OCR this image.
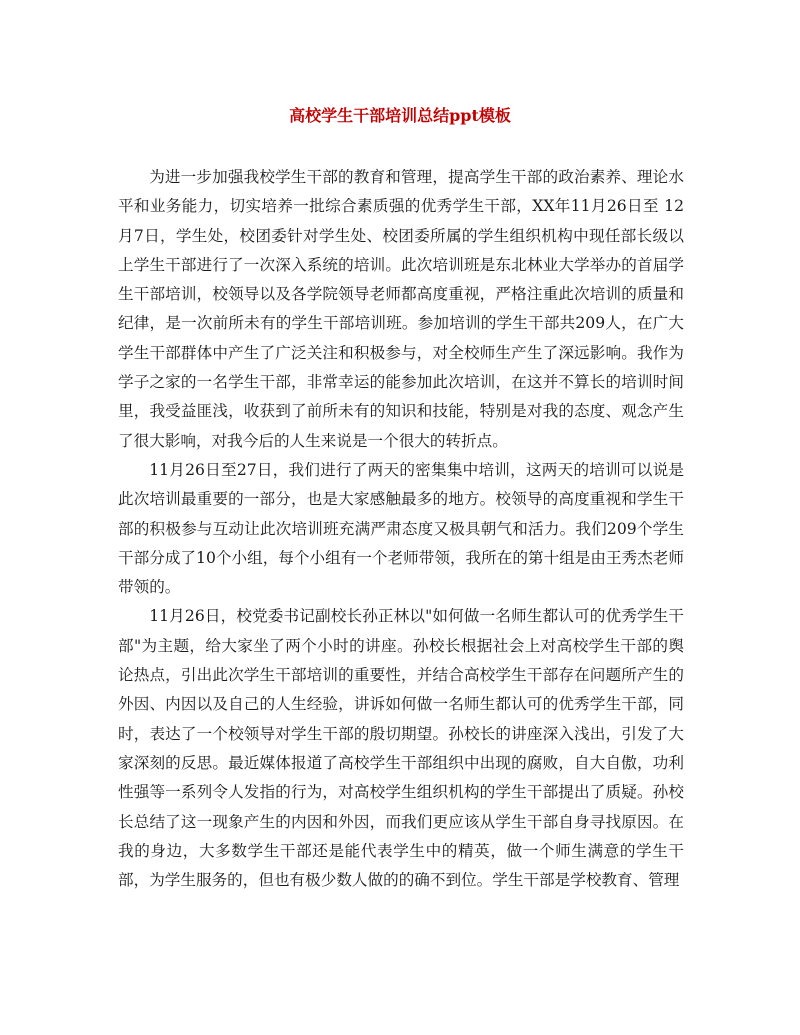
高校学生干部培训总结ppt模板

为进一步加强我校学生干部的教育和管理，提高学生干部的政治素养、理论水平和业务能力，切实培养一批综合素质强的优秀学生干部，XX年11月26日至 12月7日，学生处，校团委针对学生处、校团委所属的学生组织机构中现任部长级以上学生干部进行了一次深入系统的培训。此次培训班是东北林业大学举办的首届学生干部培训，校领导以及各学院领导老师都高度重视，严格注重此次培训的质量和纪律，是一次前所未有的学生干部培训班。参加培训的学生干部共209人，在广大学生干部群体中产生了广泛关注和积极参与，对全校师生产生了深远影响。我作为学子之家的一名学生干部，非常幸运的能参加此次培训，在这并不算长的培训时间里，我受益匪浅，收获到了前所未有的知识和技能，特别是对我的态度、观念产生了很大影响，对我今后的人生来说是一个很大的转折点。

11月26日至27日，我们进行了两天的密集集中培训，这两天的培训可以说是此次培训最重要的一部分，也是大家感触最多的地方。校领导的高度重视和学生干部的积极参与互动让此次培训班充满严肃态度又极具朝气和活力。我们209个学生干部分成了10个小组，每个小组有一个老师带领，我所在的第十组是由王秀杰老师带领的。

11月26日，校党委书记副校长孙正林以"如何做一名师生都认可的优秀学生干部"为主题，给大家坐了两个小时的讲座。孙校长根据社会上对高校学生干部的舆论热点，引出此次学生干部培训的重要性，并结合高校学生干部存在问题所产生的外因、内因以及自己的人生经验，讲诉如何做一名师生都认可的优秀学生干部，同时，表达了一个校领导对学生干部的殷切期望。孙校长的讲座深入浅出，引发了大家深刻的反思。最近媒体报道了高校学生干部组织中出现的腐败，自大自傲，功利性强等一系列令人发指的行为，对高校学生组织机构的学生干部提出了质疑。孙校长总结了这一现象产生的内因和外因，而我们更应该从学生干部自身寻找原因。在我的身边，大多数学生干部还是能代表学生中的精英，做一个师生满意的学生干部，为学生服务的，但也有极少数人做的的确不到位。学生干部是学校教育、管理
